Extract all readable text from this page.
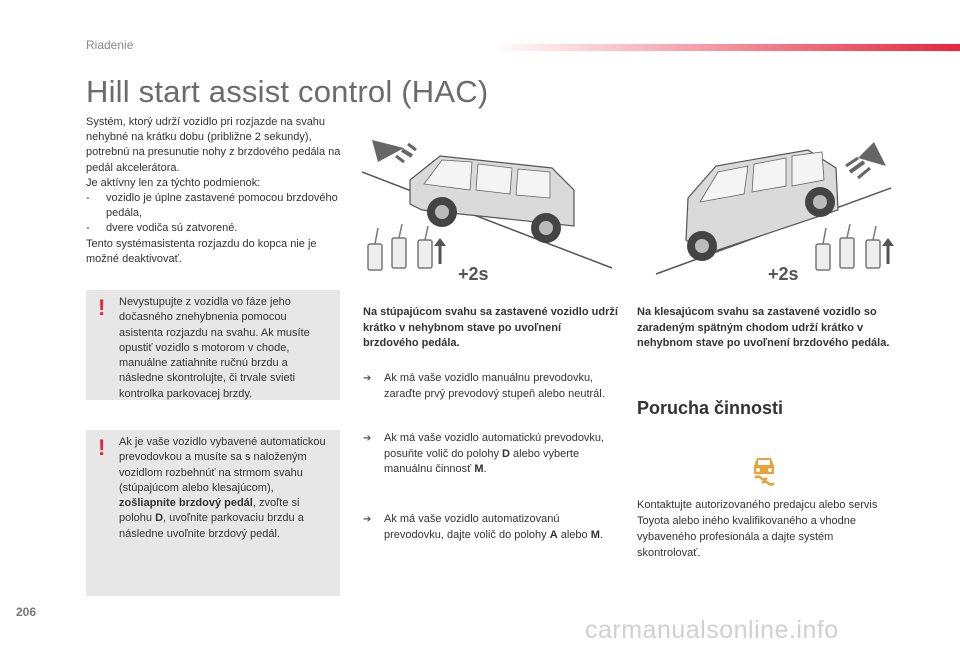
Riadenie
Hill start assist control (HAC)

Systém, ktorý udrží vozidlo pri rozjazde na svahu nehybné na krátku dobu (približne 2 sekundy), potrebnú na presunutie nohy z brzdového pedála na pedál akcelerátora.

Je aktívny len za týchto podmienok:

- vozidlo je úplne zastavené pomocou brzdového pedála,
- dvere vodiča sú zatvorené.

Tento systémasistenta rozjazdu do kopca nie je možné deaktivovať.

! Nevystupujte z vozidla vo fáze jeho dočasného znehybnenia pomocou asistenta rozjazdu na svahu. Ak musíte opustiť vozidlo s motorom v chode, manuálne zatiahnite ručnú brzdu a následne skontrolujte, či trvale svieti kontrolka parkovacej brzdy.
! Ak je vaše vozidlo vybavené automatickou prevodovkou a musíte sa s naloženým vozidlom rozbehnúť na strmom svahu (stúpajúcom alebo klesajúcom), zošliapnite brzdový pedál, zvoľte si polohu D, uvoľnite parkovaciu brzdu a následne uvoľnite brzdový pedál.
+2s	+2s
Na stúpajúcom svahu sa zastavené vozidlo udrží krátko v nehybnom stave po uvoľnení brzdového pedála.
➔ Ak má vaše vozidlo manuálnu prevodovku, zaraďte prvý prevodový stupeň alebo neutrál.
➔ Ak má vaše vozidlo automatickú prevodovku, posuňte volič do polohy D alebo vyberte manuálnu činnosť M.
➔ Ak má vaše vozidlo automatizovanú prevodovku, dajte volič do polohy A alebo M.
Na klesajúcom svahu sa zastavené vozidlo so zaradeným spätným chodom udrží krátko v nehybnom stave po uvoľnení brzdového pedála.
Porucha činnosti
Kontaktujte autorizovaného predajcu alebo servis Toyota alebo iného kvalifikovaného a vhodne vybaveného profesionála a dajte systém skontrolovať.
206
carmanualsonline.info
